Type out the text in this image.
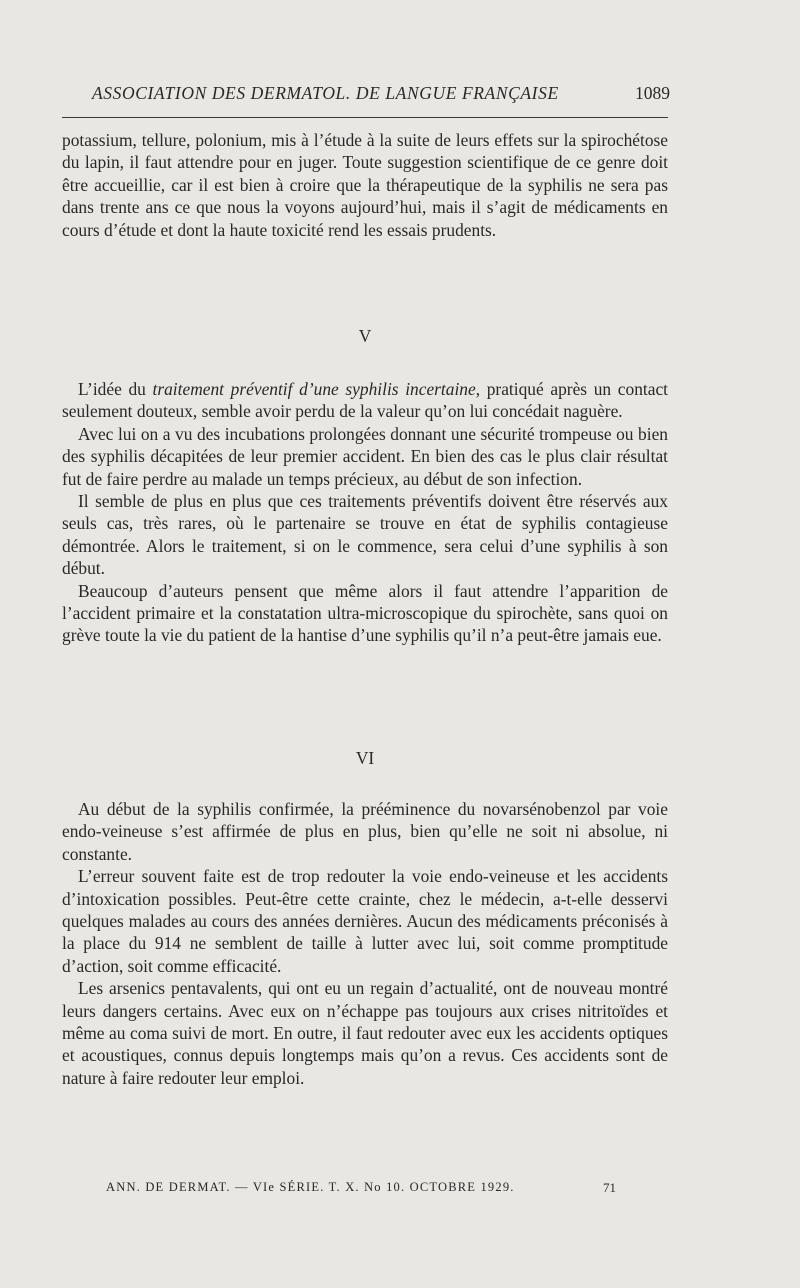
ASSOCIATION DES DERMATOL. DE LANGUE FRANÇAISE	1089

potassium, tellure, polonium, mis à l’étude à la suite de leurs effets sur la spirochétose du lapin, il faut attendre pour en juger. Toute suggestion scientifique de ce genre doit être accueillie, car il est bien à croire que la thérapeutique de la syphilis ne sera pas dans trente ans ce que nous la voyons aujourd’hui, mais il s’agit de médicaments en cours d’étude et dont la haute toxicité rend les essais prudents.

V

L’idée du traitement préventif d’une syphilis incertaine, pratiqué après un contact seulement douteux, semble avoir perdu de la valeur qu’on lui concédait naguère.

Avec lui on a vu des incubations prolongées donnant une sécurité trompeuse ou bien des syphilis décapitées de leur premier accident. En bien des cas le plus clair résultat fut de faire perdre au malade un temps précieux, au début de son infection.

Il semble de plus en plus que ces traitements préventifs doivent être réservés aux seuls cas, très rares, où le partenaire se trouve en état de syphilis contagieuse démontrée. Alors le traitement, si on le commence, sera celui d’une syphilis à son début.

Beaucoup d’auteurs pensent que même alors il faut attendre l’apparition de l’accident primaire et la constatation ultra-microscopique du spirochète, sans quoi on grève toute la vie du patient de la hantise d’une syphilis qu’il n’a peut-être jamais eue.

VI

Au début de la syphilis confirmée, la prééminence du novarsénobenzol par voie endo-veineuse s’est affirmée de plus en plus, bien qu’elle ne soit ni absolue, ni constante.

L’erreur souvent faite est de trop redouter la voie endo-veineuse et les accidents d’intoxication possibles. Peut-être cette crainte, chez le médecin, a-t-elle desservi quelques malades au cours des années dernières. Aucun des médicaments préconisés à la place du 914 ne semblent de taille à lutter avec lui, soit comme promptitude d’action, soit comme efficacité.

Les arsenics pentavalents, qui ont eu un regain d’actualité, ont de nouveau montré leurs dangers certains. Avec eux on n’échappe pas toujours aux crises nitritoïdes et même au coma suivi de mort. En outre, il faut redouter avec eux les accidents optiques et acoustiques, connus depuis longtemps mais qu’on a revus. Ces accidents sont de nature à faire redouter leur emploi.

ANN. DE DERMAT. — VIe SÉRIE. T. X. No 10. OCTOBRE 1929.	71
